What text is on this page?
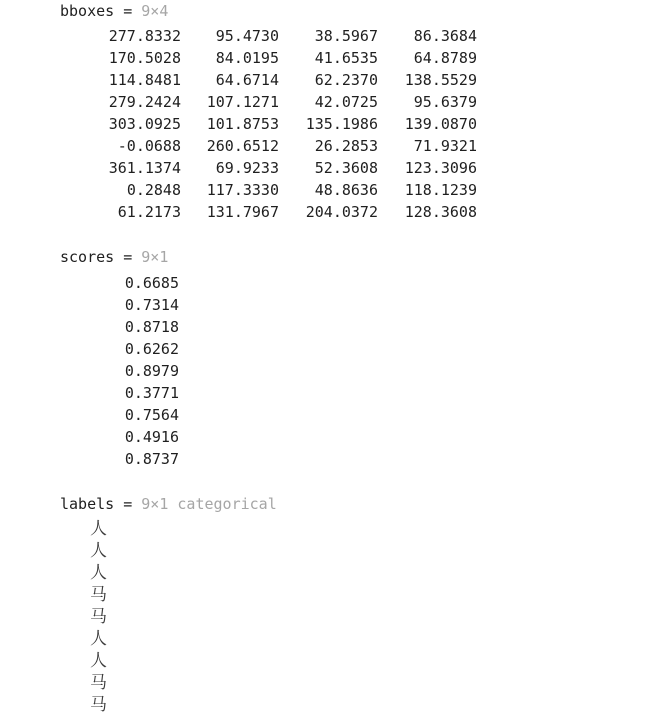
bboxes = 9×4
277.8332	95.4730	38.5967	86.3684
170.5028	84.0195	41.6535	64.8789
114.8481	64.6714	62.2370	138.5529
279.2424	107.1271	42.0725	95.6379
303.0925	101.8753	135.1986	139.0870
-0.0688	260.6512	26.2853	71.9321
361.1374	69.9233	52.3608	123.3096
0.2848	117.3330	48.8636	118.1239
61.2173	131.7967	204.0372	128.3608
scores = 9×1
0.6685
0.7314
0.8718
0.6262
0.8979
0.3771
0.7564
0.4916
0.8737
labels = 9×1 categorical
人
人
人
马
马
人
人
马
马
